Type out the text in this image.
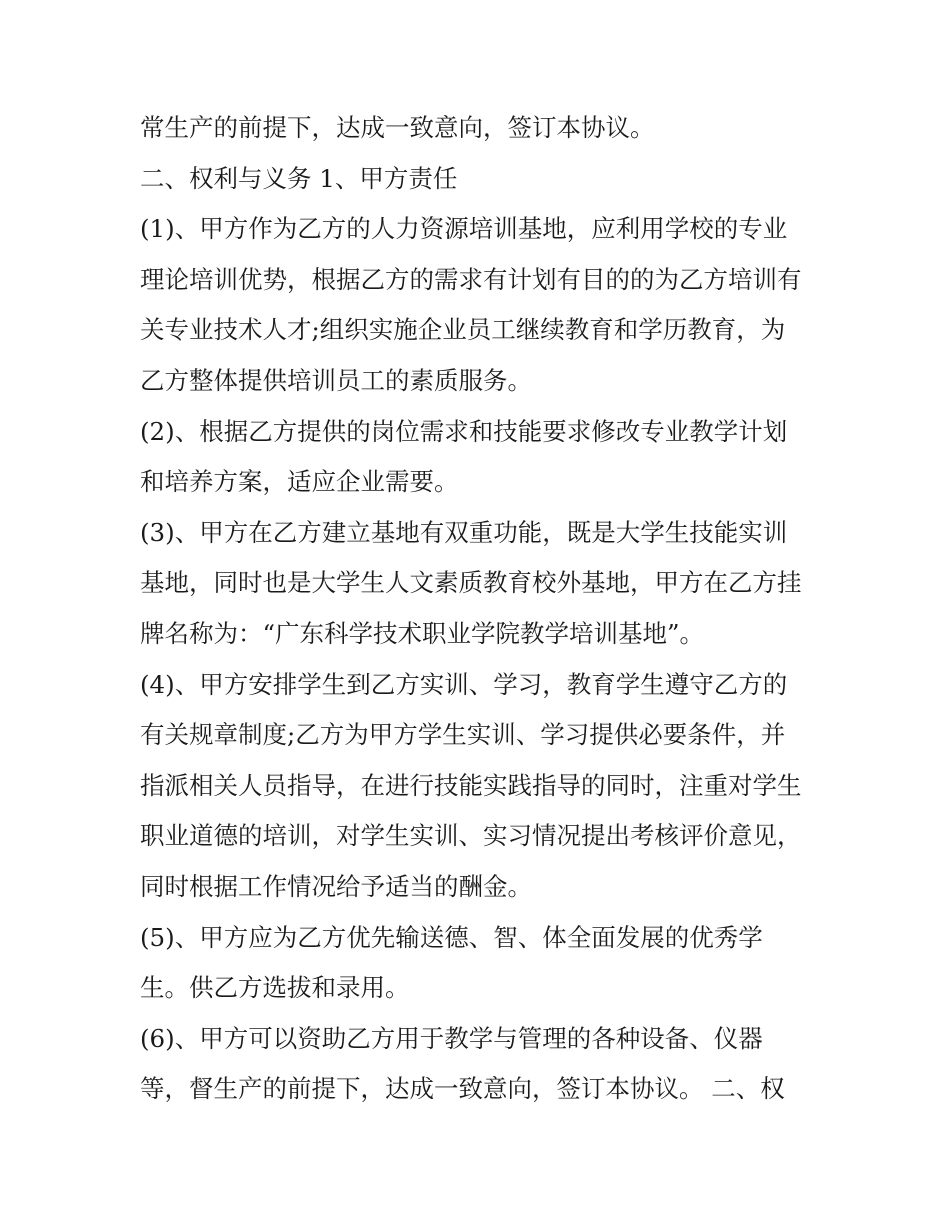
常生产的前提下，达成一致意向，签订本协议。
二、权利与义务 1、甲方责任
(1)、甲方作为乙方的人力资源培训基地，应利用学校的专业
理论培训优势，根据乙方的需求有计划有目的的为乙方培训有
关专业技术人才;组织实施企业员工继续教育和学历教育，为
乙方整体提供培训员工的素质服务。
(2)、根据乙方提供的岗位需求和技能要求修改专业教学计划
和培养方案，适应企业需要。
(3)、甲方在乙方建立基地有双重功能，既是大学生技能实训
基地，同时也是大学生人文素质教育校外基地，甲方在乙方挂
牌名称为：“广东科学技术职业学院教学培训基地”。
(4)、甲方安排学生到乙方实训、学习，教育学生遵守乙方的
有关规章制度;乙方为甲方学生实训、学习提供必要条件，并
指派相关人员指导，在进行技能实践指导的同时，注重对学生
职业道德的培训，对学生实训、实习情况提出考核评价意见，
同时根据工作情况给予适当的酬金。
(5)、甲方应为乙方优先输送德、智、体全面发展的优秀学
生。供乙方选拔和录用。
(6)、甲方可以资助乙方用于教学与管理的各种设备、仪器
等，督生产的前提下，达成一致意向，签订本协议。 二、权
